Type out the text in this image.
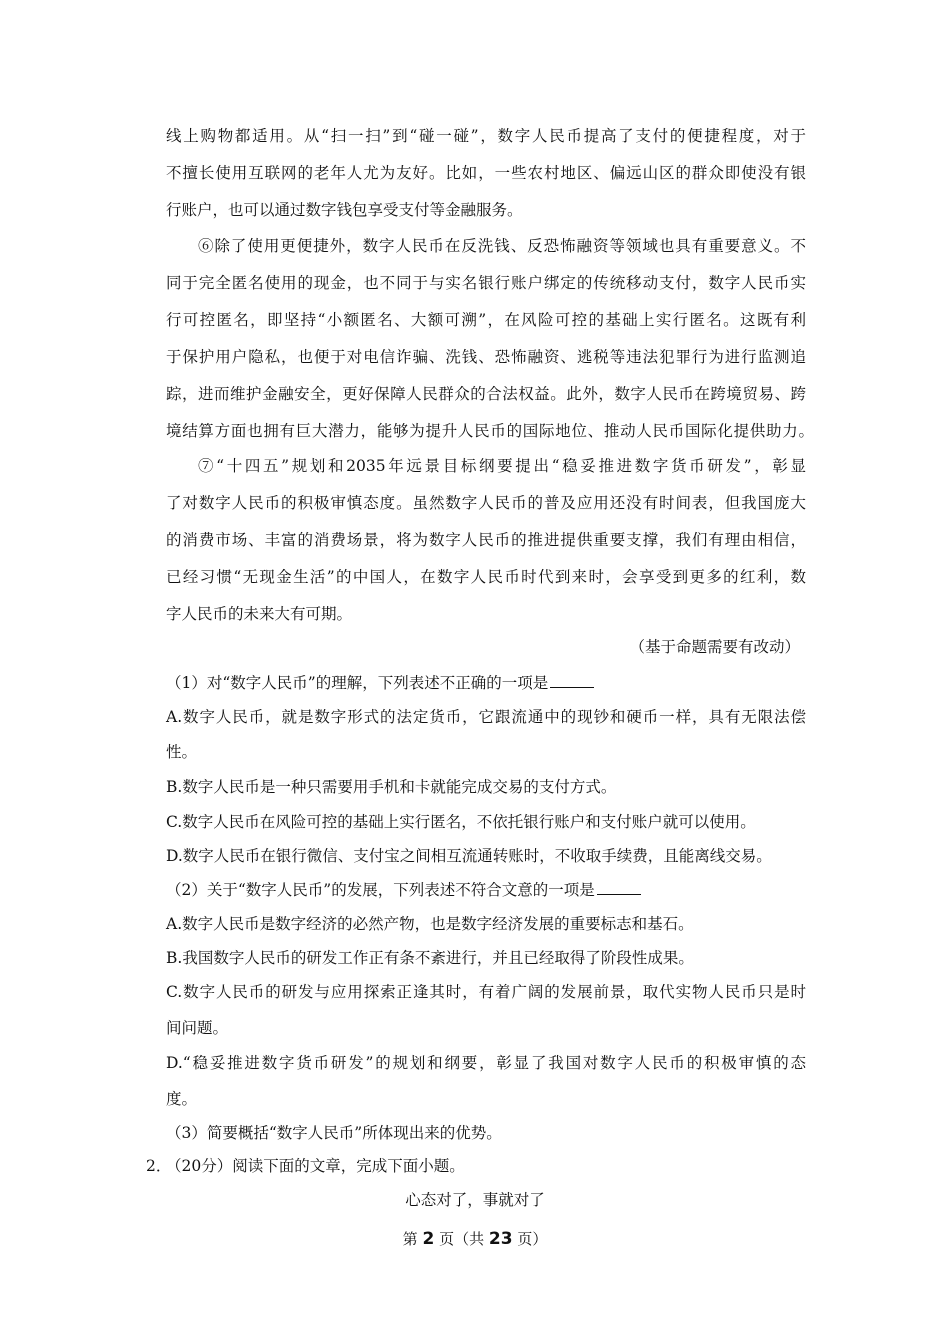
线上购物都适用。从“扫一扫”到“碰一碰”，数字人民币提高了支付的便捷程度，对于
不擅长使用互联网的老年人尤为友好。比如，一些农村地区、偏远山区的群众即使没有银
行账户，也可以通过数字钱包享受支付等金融服务。
⑥除了使用更便捷外，数字人民币在反洗钱、反恐怖融资等领域也具有重要意义。不
同于完全匿名使用的现金，也不同于与实名银行账户绑定的传统移动支付，数字人民币实
行可控匿名，即坚持“小额匿名、大额可溯”，在风险可控的基础上实行匿名。这既有利
于保护用户隐私，也便于对电信诈骗、洗钱、恐怖融资、逃税等违法犯罪行为进行监测追
踪，进而维护金融安全，更好保障人民群众的合法权益。此外，数字人民币在跨境贸易、跨
境结算方面也拥有巨大潜力，能够为提升人民币的国际地位、推动人民币国际化提供助力。
⑦“十四五”规划和2035年远景目标纲要提出“稳妥推进数字货币研发”，彰显
了对数字人民币的积极审慎态度。虽然数字人民币的普及应用还没有时间表，但我国庞大
的消费市场、丰富的消费场景，将为数字人民币的推进提供重要支撑，我们有理由相信，
已经习惯“无现金生活”的中国人，在数字人民币时代到来时，会享受到更多的红利，数
字人民币的未来大有可期。
（基于命题需要有改动）
（1）对“数字人民币”的理解，下列表述不正确的一项是
A.数字人民币，就是数字形式的法定货币，它跟流通中的现钞和硬币一样，具有无限法偿
性。
B.数字人民币是一种只需要用手机和卡就能完成交易的支付方式。
C.数字人民币在风险可控的基础上实行匿名，不依托银行账户和支付账户就可以使用。
D.数字人民币在银行微信、支付宝之间相互流通转账时，不收取手续费，且能离线交易。
（2）关于“数字人民币”的发展，下列表述不符合文意的一项是
A.数字人民币是数字经济的必然产物，也是数字经济发展的重要标志和基石。
B.我国数字人民币的研发工作正有条不紊进行，并且已经取得了阶段性成果。
C.数字人民币的研发与应用探索正逢其时，有着广阔的发展前景，取代实物人民币只是时
间问题。
D.“稳妥推进数字货币研发”的规划和纲要，彰显了我国对数字人民币的积极审慎的态
度。
（3）简要概括“数字人民币”所体现出来的优势。
2．
（20分）阅读下面的文章，完成下面小题。
心态对了，事就对了
第 2 页（共 23 页）
